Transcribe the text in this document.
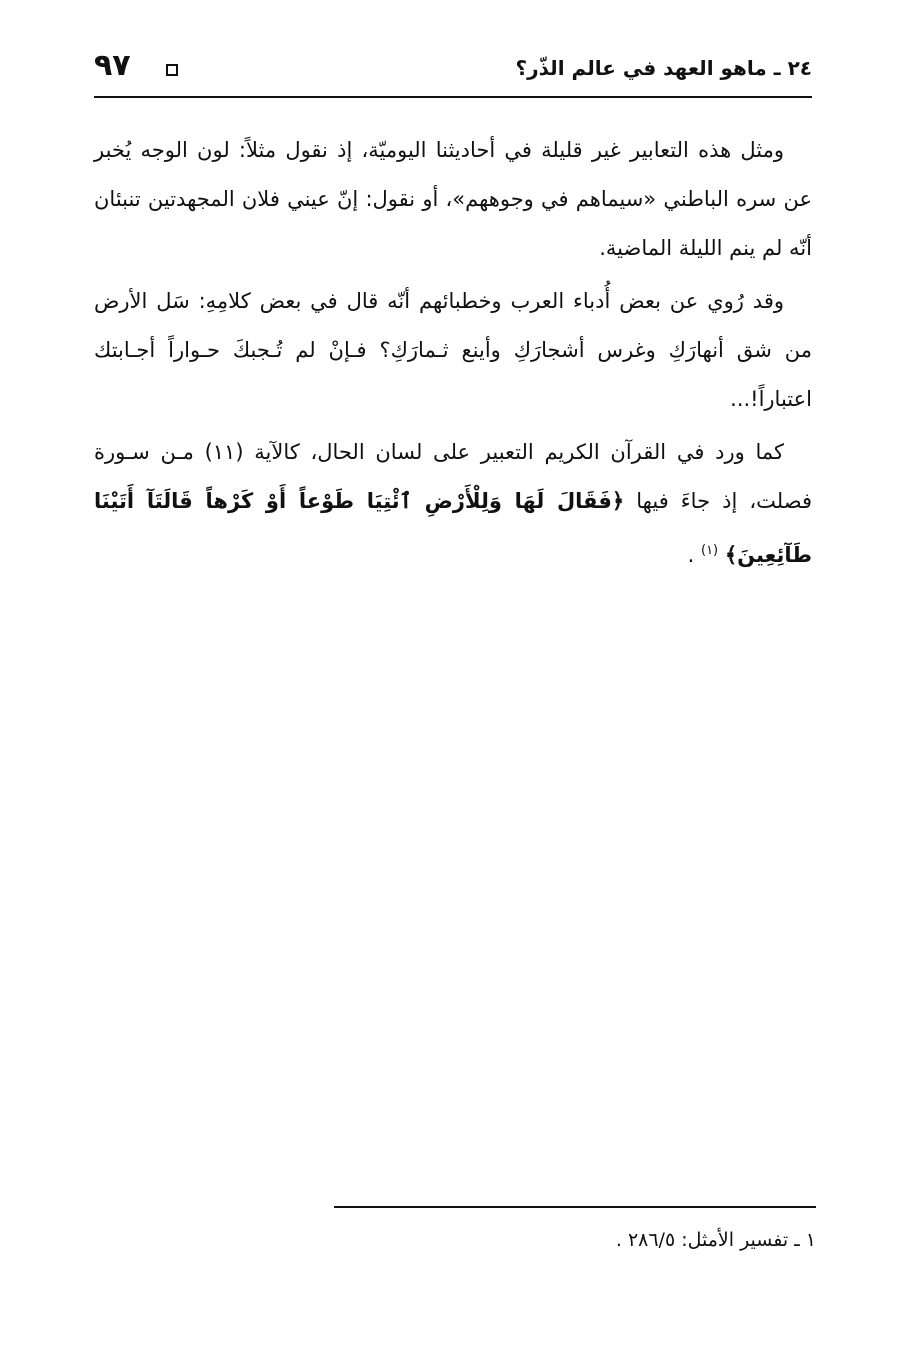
٢٤ ـ ماهو العهد في عالم الذّر؟
٩٧

ومثل هذه التعابير غير قليلة في أحاديثنا اليوميّة، إذ نقول مثلاً: لون الوجه يُخبر عن سره الباطني «سيماهم في وجوههم»، أو نقول: إنّ عيني فلان المجهدتين تنبئان أنّه لم ينم الليلة الماضية.

وقد رُوي عن بعض أُدباء العرب وخطبائهم أنّه قال في بعض كلامِهِ: سَل الأرض من شق أنهارَكِ وغرس أشجارَكِ وأينع ثـمارَكِ؟ فـإنْ لم تُـجبكَ حـواراً أجـابتك اعتباراً!...

كما ورد في القرآن الكريم التعبير على لسان الحال، كالآية (١١) مـن سـورة فصلت، إذ جاءَ فيها ﴿فَقَالَ لَهَا وَلِلْأَرْضِ ٱئْتِيَا طَوْعاً أَوْ كَرْهاً قَالَتَآ أَتَيْنَا طَآئِعِينَ﴾ $^{(١)}$ .

١ ـ تفسير الأمثل: ٢٨٦/٥ .
